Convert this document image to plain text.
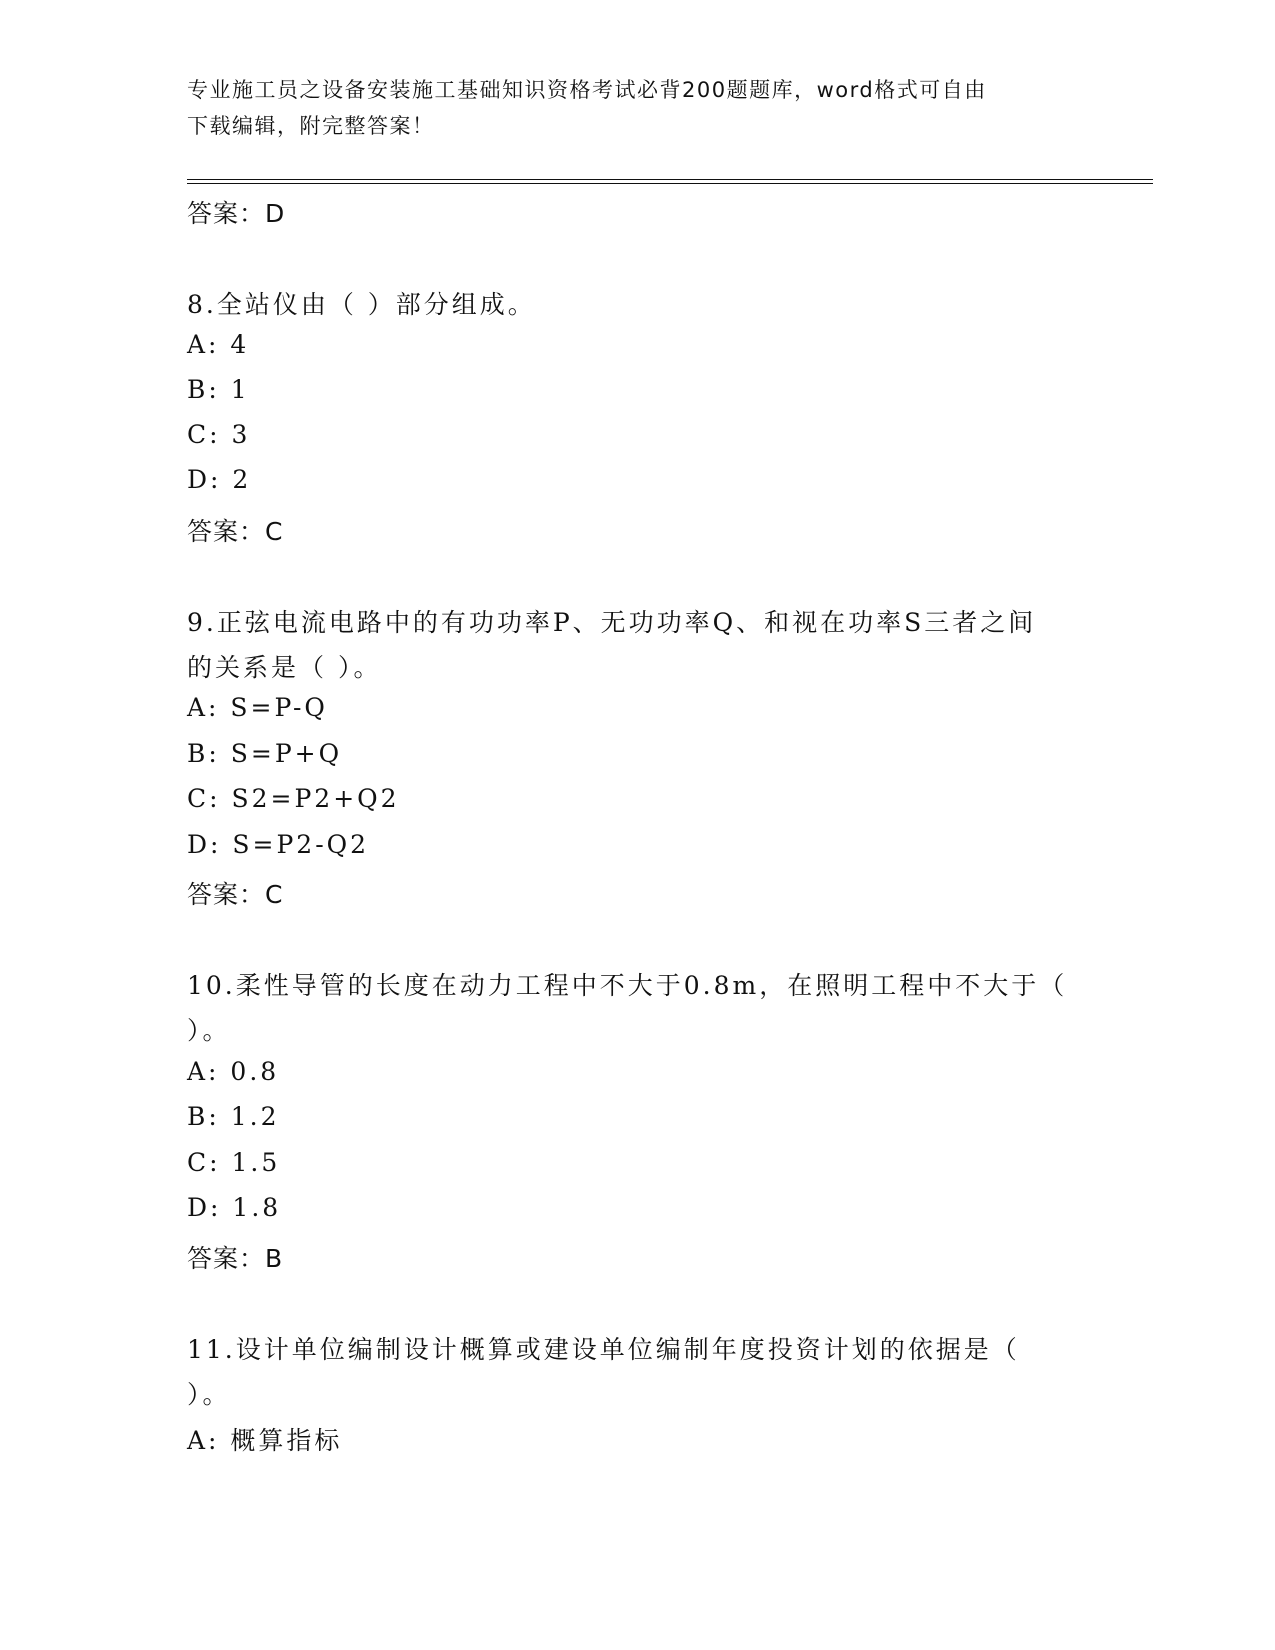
专业施工员之设备安装施工基础知识资格考试必背200题题库，word格式可自由
下载编辑，附完整答案！
答案：D
8.全站仪由（ ）部分组成。
A: 4
B: 1
C: 3
D: 2
答案：C
9.正弦电流电路中的有功功率P、无功功率Q、和视在功率S三者之间
的关系是（ ）。
A: S=P-Q
B: S=P+Q
C: S2=P2+Q2
D: S=P2-Q2
答案：C
10.柔性导管的长度在动力工程中不大于0.8m，在照明工程中不大于（
）。
A: 0.8
B: 1.2
C: 1.5
D: 1.8
答案：B
11.设计单位编制设计概算或建设单位编制年度投资计划的依据是（
）。
A: 概算指标
